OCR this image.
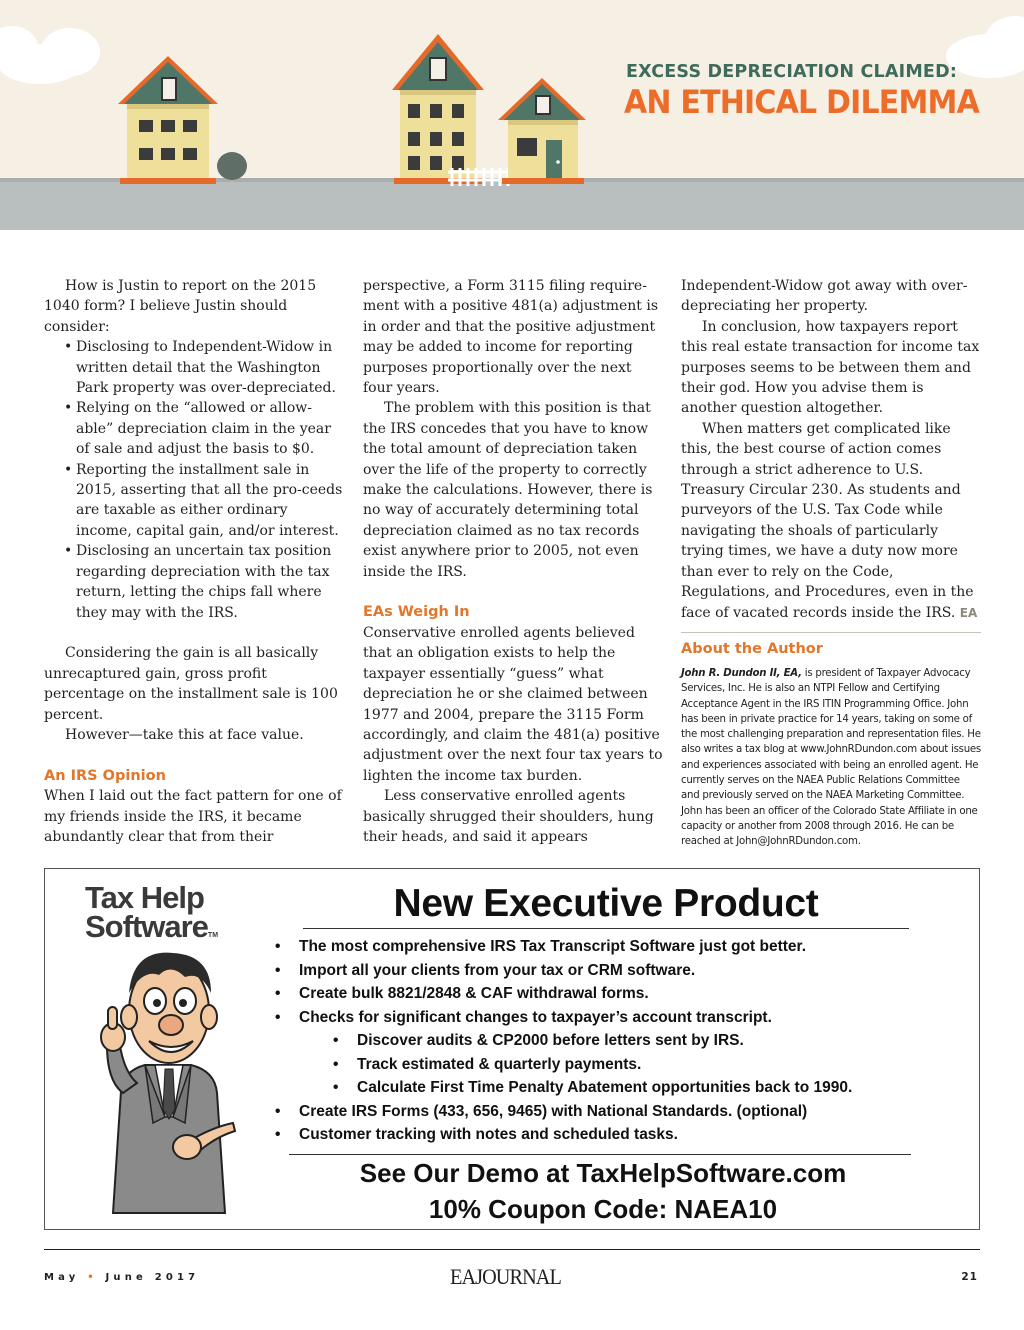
EXCESS DEPRECIATION CLAIMED:
AN ETHICAL DILEMMA

How is Justin to report on the 2015 1040 form? I believe Justin should consider:

• Disclosing to Independent-Widow in written detail that the Washington Park property was over-depreciated.
• Relying on the “allowed or allow-able” depreciation claim in the year of sale and adjust the basis to $0.
• Reporting the installment sale in 2015, asserting that all the pro-ceeds are taxable as either ordinary income, capital gain, and/or interest.
• Disclosing an uncertain tax position regarding depreciation with the tax return, letting the chips fall where they may with the IRS.

Considering the gain is all basically unrecaptured gain, gross profit percentage on the installment sale is 100 percent.

However—take this at face value.

An IRS Opinion

When I laid out the fact pattern for one of my friends inside the IRS, it became abundantly clear that from their

perspective, a Form 3115 filing require-ment with a positive 481(a) adjustment is in order and that the positive adjustment may be added to income for reporting purposes proportionally over the next four years.

The problem with this position is that the IRS concedes that you have to know the total amount of depreciation taken over the life of the property to correctly make the calculations. However, there is no way of accurately determining total depreciation claimed as no tax records exist anywhere prior to 2005, not even inside the IRS.

EAs Weigh In

Conservative enrolled agents believed that an obligation exists to help the taxpayer essentially “guess” what depreciation he or she claimed between 1977 and 2004, prepare the 3115 Form accordingly, and claim the 481(a) positive adjustment over the next four tax years to lighten the income tax burden.

Less conservative enrolled agents basically shrugged their shoulders, hung their heads, and said it appears

Independent-Widow got away with over-depreciating her property.

In conclusion, how taxpayers report this real estate transaction for income tax purposes seems to be between them and their god. How you advise them is another question altogether.

When matters get complicated like this, the best course of action comes through a strict adherence to U.S. Treasury Circular 230. As students and purveyors of the U.S. Tax Code while navigating the shoals of particularly trying times, we have a duty now more than ever to rely on the Code, Regulations, and Procedures, even in the face of vacated records inside the IRS. EA

About the Author

John R. Dundon II, EA, is president of Taxpayer Advocacy Services, Inc. He is also an NTPI Fellow and Certifying Acceptance Agent in the IRS ITIN Programming Office. John has been in private practice for 14 years, taking on some of the most challenging preparation and representation files. He also writes a tax blog at www.JohnRDundon.com about issues and experiences associated with being an enrolled agent. He currently serves on the NAEA Public Relations Committee and previously served on the NAEA Marketing Committee. John has been an officer of the Colorado State Affiliate in one capacity or another from 2008 through 2016. He can be reached at John@JohnRDundon.com.

Tax Help
SoftwareTM
New Executive Product
• The most comprehensive IRS Tax Transcript Software just got better.
• Import all your clients from your tax or CRM software.
• Create bulk 8821/2848 & CAF withdrawal forms.
• Checks for significant changes to taxpayer’s account transcript.
• Discover audits & CP2000 before letters sent by IRS.
• Track estimated & quarterly payments.
• Calculate First Time Penalty Abatement opportunities back to 1990.
• Create IRS Forms (433, 656, 9465) with National Standards. (optional)
• Customer tracking with notes and scheduled tasks.
See Our Demo at TaxHelpSoftware.com
10% Coupon Code: NAEA10
May • June 2017	EAJOURNAL	21
